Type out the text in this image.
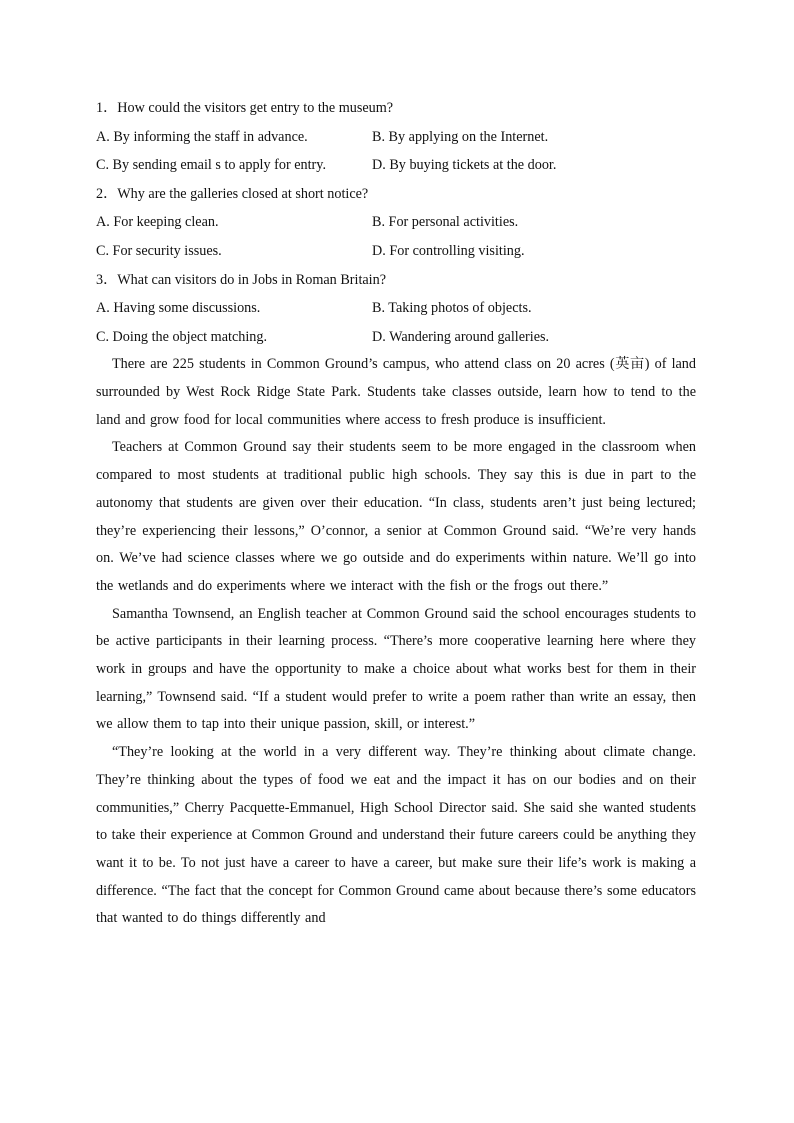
1．How could the visitors get entry to the museum?
A. By informing the staff in advance.	B. By applying on the Internet.
C. By sending email s to apply for entry.	D. By buying tickets at the door.
2．Why are the galleries closed at short notice?
A. For keeping clean.	B. For personal activities.
C. For security issues.	D. For controlling visiting.
3．What can visitors do in Jobs in Roman Britain?
A. Having some discussions.	B. Taking photos of objects.
C. Doing the object matching.	D. Wandering around galleries.

There are 225 students in Common Ground’s campus, who attend class on 20 acres (英亩) of land surrounded by West Rock Ridge State Park. Students take classes outside, learn how to tend to the land and grow food for local communities where access to fresh produce is insufficient.

Teachers at Common Ground say their students seem to be more engaged in the classroom when compared to most students at traditional public high schools. They say this is due in part to the autonomy that students are given over their education. “In class, students aren’t just being lectured; they’re experiencing their lessons,” O’connor, a senior at Common Ground said. “We’re very hands on. We’ve had science classes where we go outside and do experiments within nature. We’ll go into the wetlands and do experiments where we interact with the fish or the frogs out there.”

Samantha Townsend, an English teacher at Common Ground said the school encourages students to be active participants in their learning process. “There’s more cooperative learning here where they work in groups and have the opportunity to make a choice about what works best for them in their learning,” Townsend said. “If a student would prefer to write a poem rather than write an essay, then we allow them to tap into their unique passion, skill, or interest.”

“They’re looking at the world in a very different way. They’re thinking about climate change. They’re thinking about the types of food we eat and the impact it has on our bodies and on their communities,” Cherry Pacquette-Emmanuel, High School Director said. She said she wanted students to take their experience at Common Ground and understand their future careers could be anything they want it to be. To not just have a career to have a career, but make sure their life’s work is making a difference. “The fact that the concept for Common Ground came about because there’s some educators that wanted to do things differently and
